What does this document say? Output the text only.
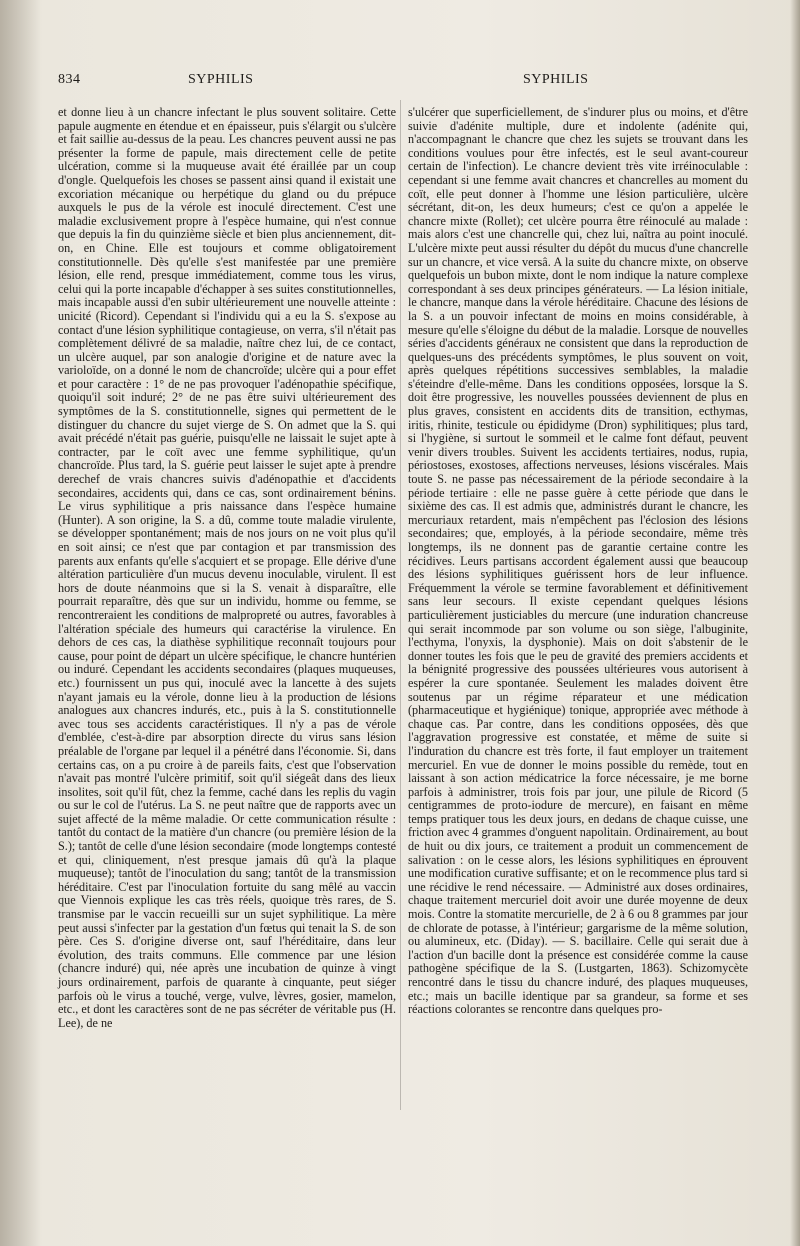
834	SYPHILIS	SYPHILIS

et donne lieu à un chancre infectant le plus souvent solitaire. Cette papule augmente en étendue et en épaisseur, puis s'élargit ou s'ulcère et fait saillie au-dessus de la peau. Les chancres peuvent aussi ne pas présenter la forme de papule, mais directement celle de petite ulcération, comme si la muqueuse avait été éraillée par un coup d'ongle. Quelquefois les choses se passent ainsi quand il existait une excoriation mécanique ou herpétique du gland ou du prépuce auxquels le pus de la vérole est inoculé directement. C'est une maladie exclusivement propre à l'espèce humaine, qui n'est connue que depuis la fin du quinzième siècle et bien plus anciennement, dit-on, en Chine. Elle est toujours et comme obligatoirement constitutionnelle. Dès qu'elle s'est manifestée par une première lésion, elle rend, presque immédiatement, comme tous les virus, celui qui la porte incapable d'échapper à ses suites constitutionnelles, mais incapable aussi d'en subir ultérieurement une nouvelle atteinte : unicité (Ricord). Cependant si l'individu qui a eu la S. s'expose au contact d'une lésion syphilitique contagieuse, on verra, s'il n'était pas complètement délivré de sa maladie, naître chez lui, de ce contact, un ulcère auquel, par son analogie d'origine et de nature avec la varioloïde, on a donné le nom de chancroïde; ulcère qui a pour effet et pour caractère : 1° de ne pas provoquer l'adénopathie spécifique, quoiqu'il soit induré; 2° de ne pas être suivi ultérieurement des symptômes de la S. constitutionnelle, signes qui permettent de le distinguer du chancre du sujet vierge de S. On admet que la S. qui avait précédé n'était pas guérie, puisqu'elle ne laissait le sujet apte à contracter, par le coït avec une femme syphilitique, qu'un chancroïde. Plus tard, la S. guérie peut laisser le sujet apte à prendre derechef de vrais chancres suivis d'adénopathie et d'accidents secondaires, accidents qui, dans ce cas, sont ordinairement bénins. Le virus syphilitique a pris naissance dans l'espèce humaine (Hunter). A son origine, la S. a dû, comme toute maladie virulente, se développer spontanément; mais de nos jours on ne voit plus qu'il en soit ainsi; ce n'est que par contagion et par transmission des parents aux enfants qu'elle s'acquiert et se propage. Elle dérive d'une altération particulière d'un mucus devenu inoculable, virulent. Il est hors de doute néanmoins que si la S. venait à disparaître, elle pourrait reparaître, dès que sur un individu, homme ou femme, se rencontreraient les conditions de malpropreté ou autres, favorables à l'altération spéciale des humeurs qui caractérise la virulence. En dehors de ces cas, la diathèse syphilitique reconnaît toujours pour cause, pour point de départ un ulcère spécifique, le chancre huntérien ou induré. Cependant les accidents secondaires (plaques muqueuses, etc.) fournissent un pus qui, inoculé avec la lancette à des sujets n'ayant jamais eu la vérole, donne lieu à la production de lésions analogues aux chancres indurés, etc., puis à la S. constitutionnelle avec tous ses accidents caractéristiques. Il n'y a pas de vérole d'emblée, c'est-à-dire par absorption directe du virus sans lésion préalable de l'organe par lequel il a pénétré dans l'économie. Si, dans certains cas, on a pu croire à de pareils faits, c'est que l'observation n'avait pas montré l'ulcère primitif, soit qu'il siégeât dans des lieux insolites, soit qu'il fût, chez la femme, caché dans les replis du vagin ou sur le col de l'utérus. La S. ne peut naître que de rapports avec un sujet affecté de la même maladie. Or cette communication résulte : tantôt du contact de la matière d'un chancre (ou première lésion de la S.); tantôt de celle d'une lésion secondaire (mode longtemps contesté et qui, cliniquement, n'est presque jamais dû qu'à la plaque muqueuse); tantôt de l'inoculation du sang; tantôt de la transmission héréditaire. C'est par l'inoculation fortuite du sang mêlé au vaccin que Viennois explique les cas très réels, quoique très rares, de S. transmise par le vaccin recueilli sur un sujet syphilitique. La mère peut aussi s'infecter par la gestation d'un fœtus qui tenait la S. de son père. Ces S. d'origine diverse ont, sauf l'héréditaire, dans leur évolution, des traits communs. Elle commence par une lésion (chancre induré) qui, née après une incubation de quinze à vingt jours ordinairement, parfois de quarante à cinquante, peut siéger parfois où le virus a touché, verge, vulve, lèvres, gosier, mamelon, etc., et dont les caractères sont de ne pas sécréter de véritable pus (H. Lee), de ne

s'ulcérer que superficiellement, de s'indurer plus ou moins, et d'être suivie d'adénite multiple, dure et indolente (adénite qui, n'accompagnant le chancre que chez les sujets se trouvant dans les conditions voulues pour être infectés, est le seul avant-coureur certain de l'infection). Le chancre devient très vite irréinoculable : cependant si une femme avait chancres et chancrelles au moment du coït, elle peut donner à l'homme une lésion particulière, ulcère sécrétant, dit-on, les deux humeurs; c'est ce qu'on a appelée le chancre mixte (Rollet); cet ulcère pourra être réinoculé au malade : mais alors c'est une chancrelle qui, chez lui, naîtra au point inoculé. L'ulcère mixte peut aussi résulter du dépôt du mucus d'une chancrelle sur un chancre, et vice versâ. A la suite du chancre mixte, on observe quelquefois un bubon mixte, dont le nom indique la nature complexe correspondant à ses deux principes générateurs. — La lésion initiale, le chancre, manque dans la vérole héréditaire. Chacune des lésions de la S. a un pouvoir infectant de moins en moins considérable, à mesure qu'elle s'éloigne du début de la maladie. Lorsque de nouvelles séries d'accidents généraux ne consistent que dans la reproduction de quelques-uns des précédents symptômes, le plus souvent on voit, après quelques répétitions successives semblables, la maladie s'éteindre d'elle-même. Dans les conditions opposées, lorsque la S. doit être progressive, les nouvelles poussées deviennent de plus en plus graves, consistent en accidents dits de transition, ecthymas, iritis, rhinite, testicule ou épididyme (Dron) syphilitiques; plus tard, si l'hygiène, si surtout le sommeil et le calme font défaut, peuvent venir divers troubles. Suivent les accidents tertiaires, nodus, rupia, périostoses, exostoses, affections nerveuses, lésions viscérales. Mais toute S. ne passe pas nécessairement de la période secondaire à la période tertiaire : elle ne passe guère à cette période que dans le sixième des cas. Il est admis que, administrés durant le chancre, les mercuriaux retardent, mais n'empêchent pas l'éclosion des lésions secondaires; que, employés, à la période secondaire, même très longtemps, ils ne donnent pas de garantie certaine contre les récidives. Leurs partisans accordent également aussi que beaucoup des lésions syphilitiques guérissent hors de leur influence. Fréquemment la vérole se termine favorablement et définitivement sans leur secours. Il existe cependant quelques lésions particulièrement justiciables du mercure (une induration chancreuse qui serait incommode par son volume ou son siège, l'albuginite, l'ecthyma, l'onyxis, la dysphonie). Mais on doit s'abstenir de le donner toutes les fois que le peu de gravité des premiers accidents et la bénignité progressive des poussées ultérieures vous autorisent à espérer la cure spontanée. Seulement les malades doivent être soutenus par un régime réparateur et une médication (pharmaceutique et hygiénique) tonique, appropriée avec méthode à chaque cas. Par contre, dans les conditions opposées, dès que l'aggravation progressive est constatée, et même de suite si l'induration du chancre est très forte, il faut employer un traitement mercuriel. En vue de donner le moins possible du remède, tout en laissant à son action médicatrice la force nécessaire, je me borne parfois à administrer, trois fois par jour, une pilule de Ricord (5 centigrammes de proto-iodure de mercure), en faisant en même temps pratiquer tous les deux jours, en dedans de chaque cuisse, une friction avec 4 grammes d'onguent napolitain. Ordinairement, au bout de huit ou dix jours, ce traitement a produit un commencement de salivation : on le cesse alors, les lésions syphilitiques en éprouvent une modification curative suffisante; et on le recommence plus tard si une récidive le rend nécessaire. — Administré aux doses ordinaires, chaque traitement mercuriel doit avoir une durée moyenne de deux mois. Contre la stomatite mercurielle, de 2 à 6 ou 8 grammes par jour de chlorate de potasse, à l'intérieur; gargarisme de la même solution, ou alumineux, etc. (Diday). — S. bacillaire. Celle qui serait due à l'action d'un bacille dont la présence est considérée comme la cause pathogène spécifique de la S. (Lustgarten, 1863). Schizomycète rencontré dans le tissu du chancre induré, des plaques muqueuses, etc.; mais un bacille identique par sa grandeur, sa forme et ses réactions colorantes se rencontre dans quelques pro-
